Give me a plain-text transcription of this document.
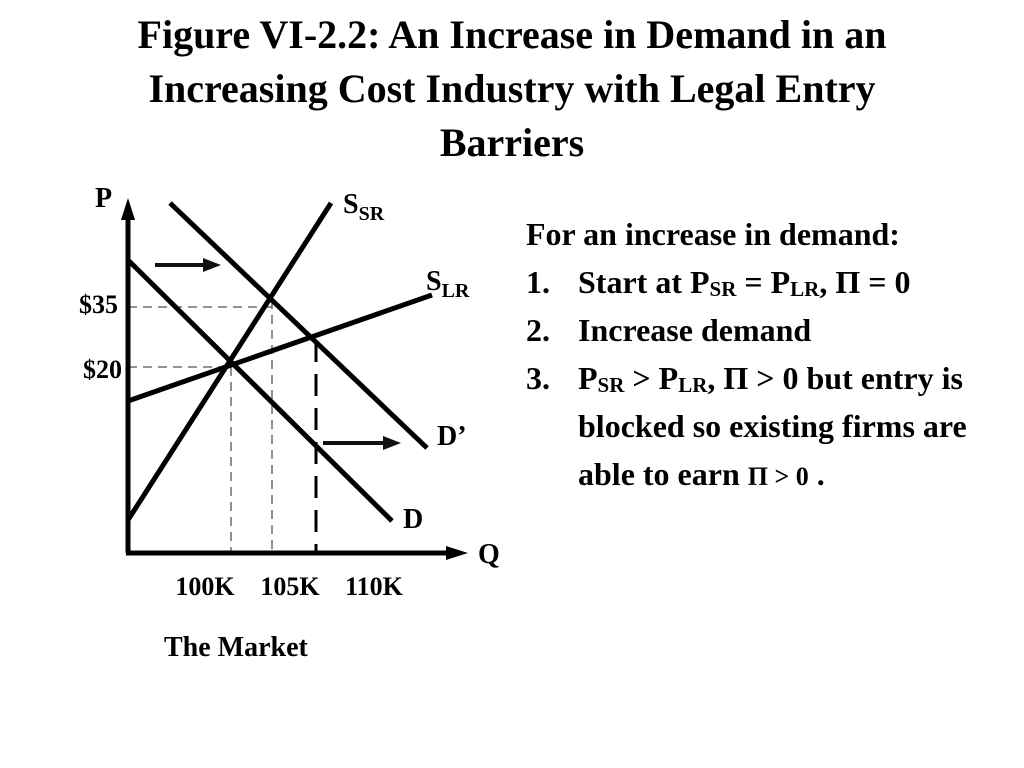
Figure VI-2.2: An Increase in Demand in an
Increasing Cost Industry with Legal Entry
Barriers
P
Q
$35
$20
100K 105K 110K
SSR
SLR
D’
D
The Market
For an increase in demand:
1. Start at $P_{SR} = P_{LR}$, Π = 0
2. Increase demand
3. $P_{SR} > P_{LR}$, Π > 0 but entry is blocked so existing firms are able to earn Π > 0 .
